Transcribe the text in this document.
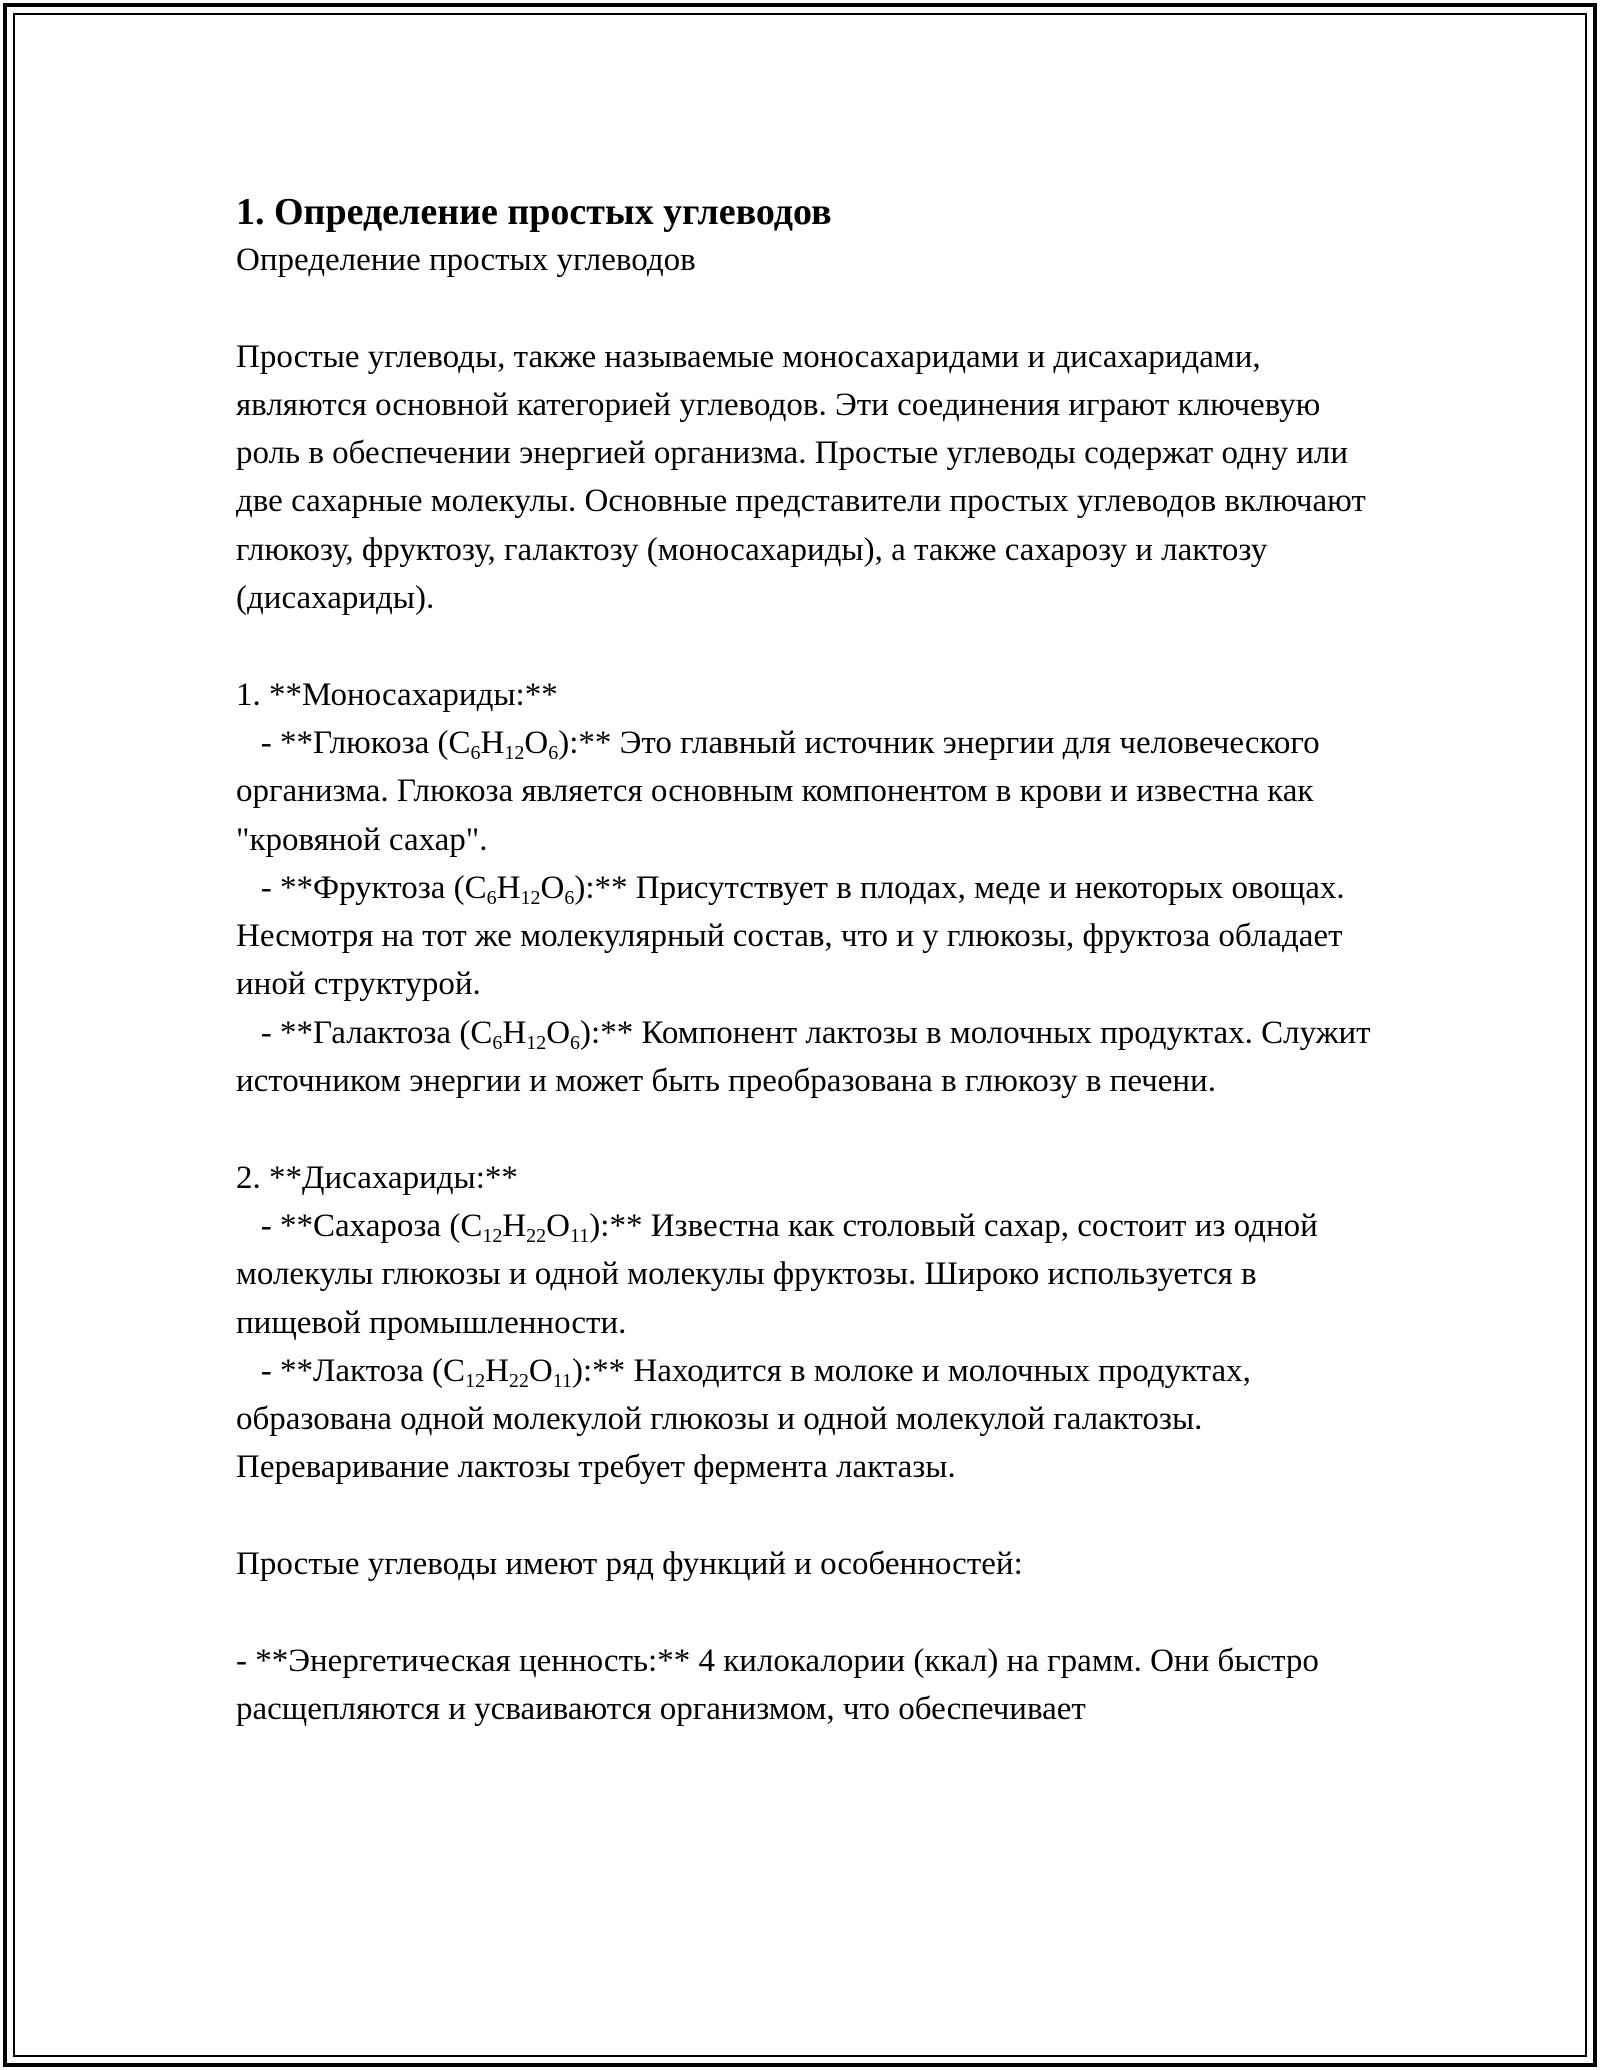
1. Определение простых углеводов

Определение простых углеводов

Простые углеводы, также называемые моносахаридами и дисахаридами, являются основной категорией углеводов. Эти соединения играют ключевую роль в обеспечении энергией организма. Простые углеводы содержат одну или две сахарные молекулы. Основные представители простых углеводов включают глюкозу, фруктозу, галактозу (моносахариды), а также сахарозу и лактозу (дисахариды).

1. **Моносахариды:**

- **Глюкоза $(C_6H_{12}O_6):**$ Это главный источник энергии для человеческого организма. Глюкоза является основным компонентом в крови и известна как "кровяной сахар".

- **Фруктоза $(C_6H_{12}O_6):**$ Присутствует в плодах, меде и некоторых овощах. Несмотря на тот же молекулярный состав, что и у глюкозы, фруктоза обладает иной структурой.

- **Галактоза $(C_6H_{12}O_6):**$ Компонент лактозы в молочных продуктах. Служит источником энергии и может быть преобразована в глюкозу в печени.

2. **Дисахариды:**

- **Сахароза $(C_{12}H_{22}O_{11}):**$ Известна как столовый сахар, состоит из одной молекулы глюкозы и одной молекулы фруктозы. Широко используется в пищевой промышленности.

- **Лактоза $(C_{12}H_{22}O_{11}):**$ Находится в молоке и молочных продуктах, образована одной молекулой глюкозы и одной молекулой галактозы. Переваривание лактозы требует фермента лактазы.

Простые углеводы имеют ряд функций и особенностей:

- **Энергетическая ценность:** 4 килокалории (ккал) на грамм. Они быстро расщепляются и усваиваются организмом, что обеспечивает
